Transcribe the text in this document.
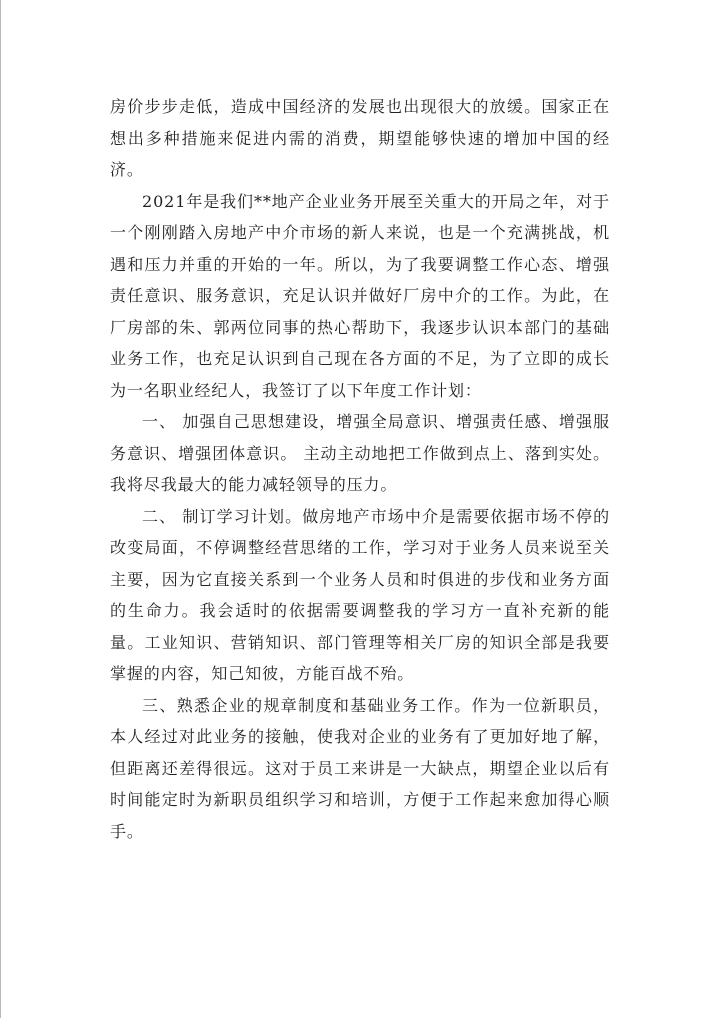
房价步步走低，造成中国经济的发展也出现很大的放缓。国家正在想出多种措施来促进内需的消费，期望能够快速的增加中国的经济。

2021年是我们**地产企业业务开展至关重大的开局之年，对于一个刚刚踏入房地产中介市场的新人来说，也是一个充满挑战，机遇和压力并重的开始的一年。所以，为了我要调整工作心态、增强责任意识、服务意识，充足认识并做好厂房中介的工作。为此，在厂房部的朱、郭两位同事的热心帮助下，我逐步认识本部门的基础业务工作，也充足认识到自己现在各方面的不足，为了立即的成长为一名职业经纪人，我签订了以下年度工作计划：

一、 加强自己思想建设，增强全局意识、增强责任感、增强服务意识、增强团体意识。 主动主动地把工作做到点上、落到实处。我将尽我最大的能力减轻领导的压力。

二、 制订学习计划。做房地产市场中介是需要依据市场不停的改变局面，不停调整经营思绪的工作，学习对于业务人员来说至关主要，因为它直接关系到一个业务人员和时俱进的步伐和业务方面的生命力。我会适时的依据需要调整我的学习方一直补充新的能量。工业知识、营销知识、部门管理等相关厂房的知识全部是我要掌握的内容，知己知彼，方能百战不殆。

三、熟悉企业的规章制度和基础业务工作。作为一位新职员，本人经过对此业务的接触，使我对企业的业务有了更加好地了解，但距离还差得很远。这对于员工来讲是一大缺点，期望企业以后有时间能定时为新职员组织学习和培训，方便于工作起来愈加得心顺手。
